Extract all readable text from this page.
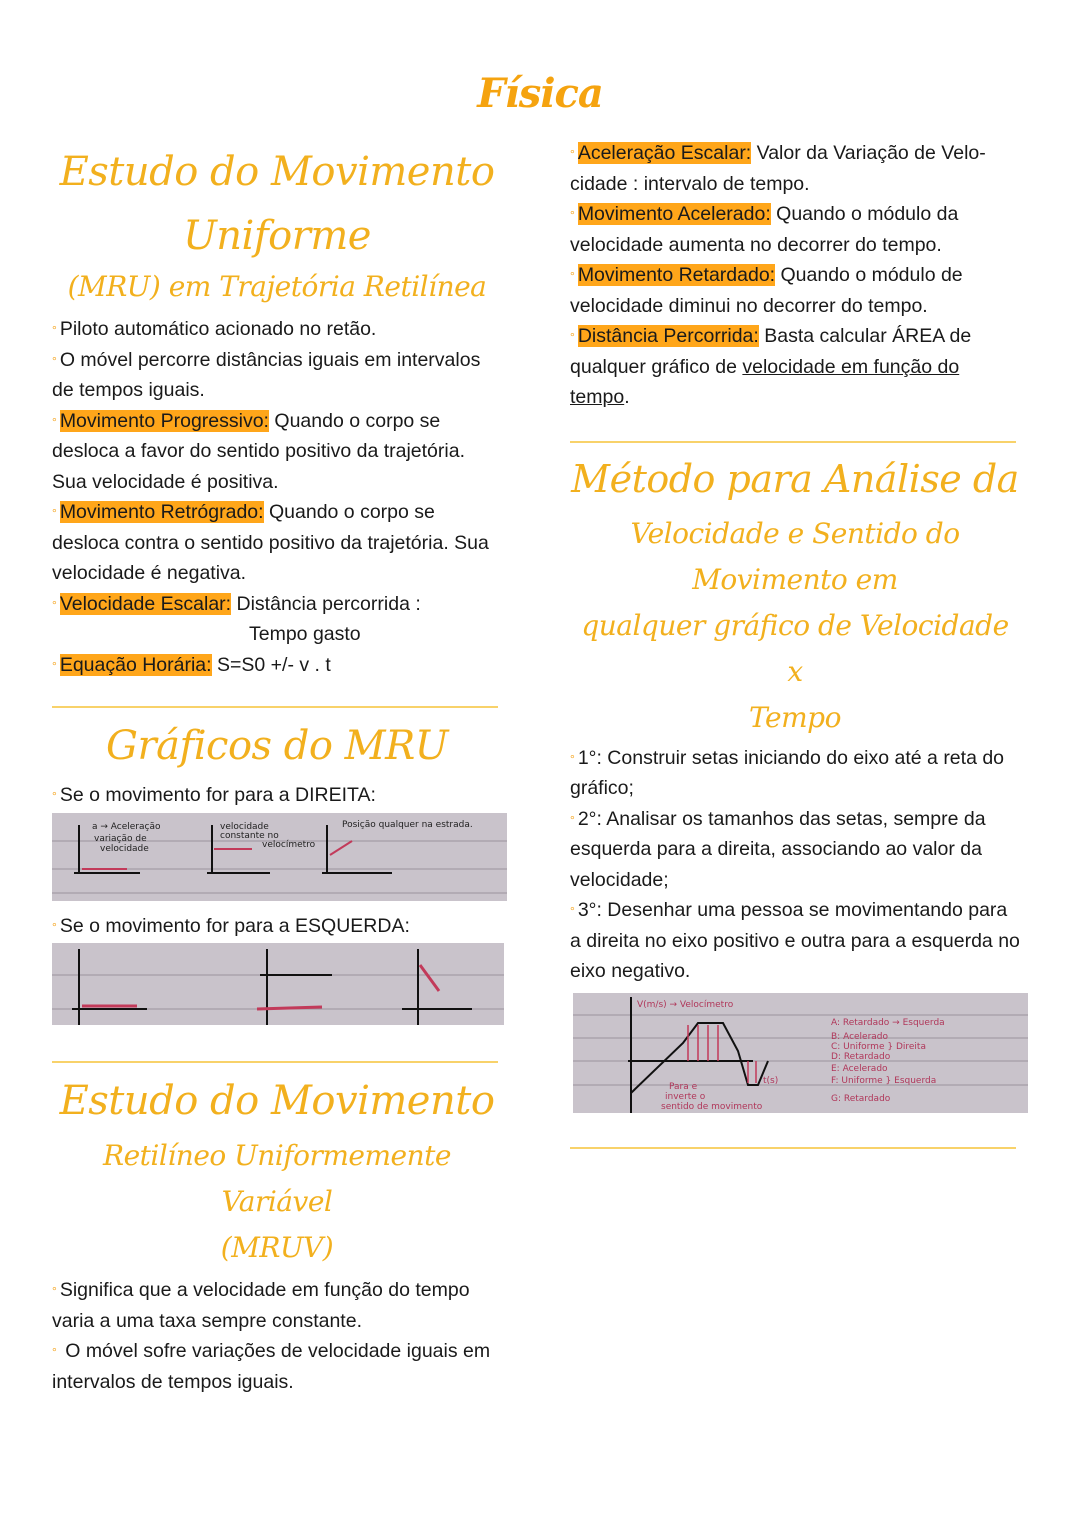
Física
Estudo do Movimento
Uniforme
(MRU) em Trajetória Retilínea
° Piloto automático acionado no retão.
° O móvel percorre distâncias iguais em intervalos de tempos iguais.
° Movimento Progressivo: Quando o corpo se desloca a favor do sentido positivo da trajetória. Sua velocidade é positiva.
° Movimento Retrógrado: Quando o corpo se desloca contra o sentido positivo da trajetória. Sua velocidade é negativa.
° Velocidade Escalar: Distância percorrida :
Tempo gasto
° Equação Horária: S=S0 +/- v . t
Gráficos do MRU
° Se o movimento for para a DIREITA:
a → Aceleração
variação de
velocidade
velocidade
constante no
velocímetro
Posição qualquer na estrada.
° Se o movimento for para a ESQUERDA:
Estudo do Movimento
Retilíneo Uniformemente Variável
(MRUV)
° Significa que a velocidade em função do tempo varia a uma taxa sempre constante.
° O móvel sofre variações de velocidade iguais em intervalos de tempos iguais.
° Aceleração Escalar: Valor da Variação de Velo-cidade : intervalo de tempo.
° Movimento Acelerado: Quando o módulo da velocidade aumenta no decorrer do tempo.
° Movimento Retardado: Quando o módulo de velocidade diminui no decorrer do tempo.
° Distância Percorrida: Basta calcular ÁREA de qualquer gráfico de velocidade em função do tempo.
Método para Análise da
Velocidade e Sentido do Movimento em
qualquer gráfico de Velocidade x
Tempo
° 1°: Construir setas iniciando do eixo até a reta do gráfico;
° 2°: Analisar os tamanhos das setas, sempre da esquerda para a direita, associando ao valor da velocidade;
° 3°: Desenhar uma pessoa se movimentando para a direita no eixo positivo e outra para a esquerda no eixo negativo.
V(m/s) → Velocímetro
A: Retardado → Esquerda
B: Acelerado
C: Uniforme } Direita
D: Retardado
E: Acelerado
F: Uniforme } Esquerda
G: Retardado
Para e
inverte o
sentido de movimento
t(s)
